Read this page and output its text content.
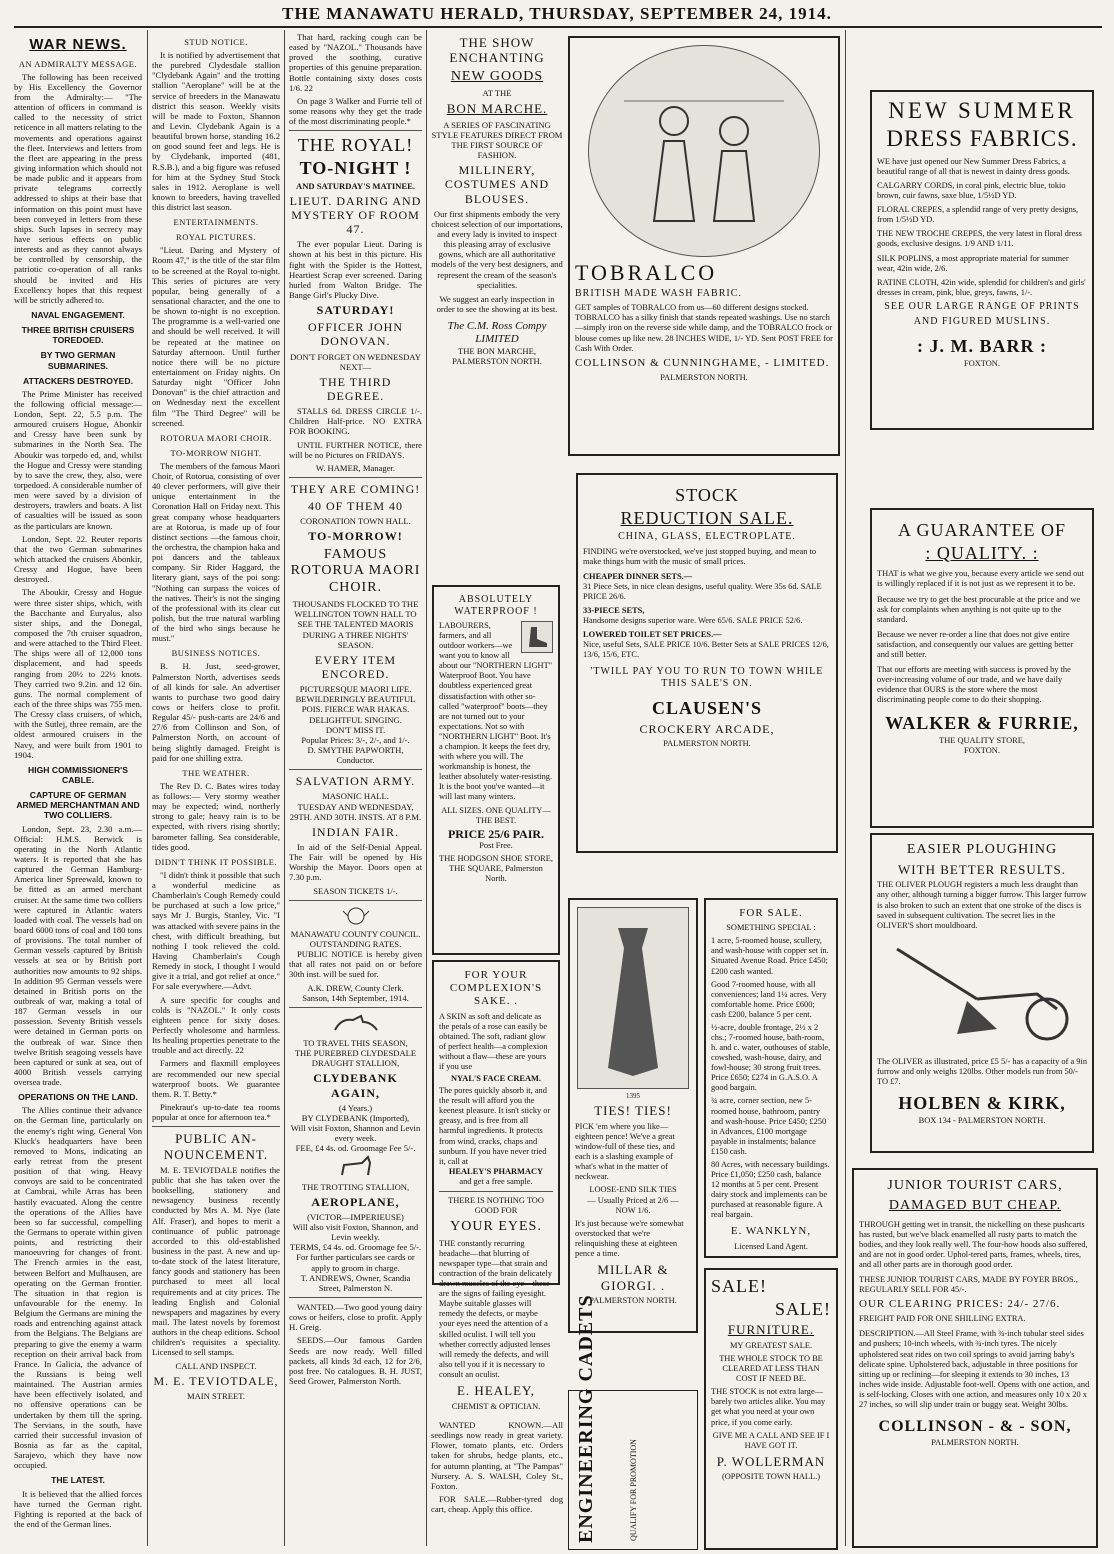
THE MANAWATU HERALD, THURSDAY, SEPTEMBER 24, 1914.
WAR NEWS.
AN ADMIRALTY MESSAGE.

The following has been received by His Excellency the Governor from the Admiralty:— "The attention of officers in command is called to the necessity of strict reticence in all matters relating to the movements and operations against the fleet. Interviews and letters from the fleet are appearing in the press giving information which should not be made public and it appears from private telegrams correctly addressed to ships at their base that information on this point must have been conveyed in letters from these ships. Such lapses in secrecy may have serious effects on public interests and as they cannot always be controlled by censorship, the patriotic co-operation of all ranks should be invited and His Excellency hopes that this request will be strictly adhered to.

NAVAL ENGAGEMENT.
THREE BRITISH CRUISERS TOREDOED.
BY TWO GERMAN SUBMARINES.
ATTACKERS DESTROYED.

The Prime Minister has received the following official message:— London, Sept. 22, 5.5 p.m. The armoured cruisers Hogue, Abonkir and Cressy have been sunk by submarines in the North Sea. The Aboukir was torpedo ed, and, whilst the Hogue and Cressy were standing by to save the crew, they, also, were torpedoed. A considerable number of men were saved by a division of destroyers, trawlers and boats. A list of casualties will be issued as soon as the particulars are known.

London, Sept. 22. Reuter reports that the two German submarines which attacked the cruisers Abonkir, Cressy and Hogue, have been destroyed.

The Aboukir, Cressy and Hogue were three sister ships, which, with the Bacchante and Euryalus, also sister ships, and the Donegal, composed the 7th cruiser squadron, and were attached to the Third Fleet. The ships were all of 12,000 tons displacement, and had speeds ranging from 20½ to 22½ knots. They carried two 9.2in. and 12 6in. guns. The normal complement of each of the three ships was 755 men. The Cressy class cruisers, of which, with the Sutlej, three remain, are the oldest armoured cruisers in the Navy, and were built from 1901 to 1904.

HIGH COMMISSIONER'S CABLE.
CAPTURE OF GERMAN ARMED MERCHANTMAN AND TWO COLLIERS.

London, Sept. 23, 2.30 a.m.— Official: H.M.S. Berwick is operating in the North Atlantic waters. It is reported that she has captured the German Hamburg-America liner Spreewald, known to be fitted as an armed merchant cruiser. At the same time two colliers were captured in Atlantic waters loaded with coal. The vessels had on board 6000 tons of coal and 180 tons of provisions. The total number of German vessels captured by British vessels at sea or by British port authorities now amounts to 92 ships. In addition 95 German vessels were detained in British ports on the outbreak of war, making a total of 187 German vessels in our possession. Seventy British vessels were detained in German ports on the outbreak of war. Since then twelve British seagoing vessels have been captured or sunk at sea, out of 4000 British vessels carrying oversea trade.

OPERATIONS ON THE LAND.

The Allies continue their advance on the German line, particularly on the enemy's right wing. General Von Kluck's headquarters have been removed to Mons, indicating an early retreat from the present position of that wing. Heavy convoys are said to be concentrated at Cambrai, while Arras has been hastily evacuated. Along the centre the operations of the Allies have been so far successful, compelling the Germans to operate within given points, and restricting their manoeuvring for changes of front. The French armies in the east, between Belfort and Mulhausen, are operating on the German frontier. The situation in that region is unfavourable for the enemy. In Belgium the Germans are mining the roads and entrenching against attack from the Belgians. The Belgians are preparing to give the enemy a warm reception on their arrival back from France. In Galicia, the advance of the Russians is being well maintained. The Austrian armies have been effectively isolated, and no offensive operations can be undertaken by them till the spring. The Servians, in the south, have carried their successful invasion of Bosnia as far as the capital, Sarajevo, which they have now occupied.

THE LATEST.

It is believed that the allied forces have turned the German right. Fighting is reported at the back of the end of the German lines.

STUD NOTICE.

It is notified by advertisement that the purebred Clydesdale stallion "Clydebank Again" and the trotting stallion "Aeroplane" will be at the service of breeders in the Manawatu district this season. Weekly visits will be made to Foxton, Shannon and Levin. Clydebank Again is a beautiful brown horse, standing 16.2 on good sound feet and legs. He is by Clydebank, imported (481, R.S.B.), and a big figure was refused for him at the Sydney Stud Stock sales in 1912. Aeroplane is well known to breeders, having travelled this district last season.

ENTERTAINMENTS.
ROYAL PICTURES.

"Lieut. Daring and Mystery of Room 47," is the title of the star film to be screened at the Royal to-night. This series of pictures are very popular, being generally of a sensational character, and the one to be shown to-night is no exception. The programme is a well-varied one and should be well received. It will be repeated at the matinee on Saturday afternoon. Until further notice there will be no picture entertainment on Friday nights. On Saturday night "Officer John Donovan" is the chief attraction and on Wednesday next the excellent film "The Third Degree" will be screened.

ROTORUA MAORI CHOIR.
TO-MORROW NIGHT.

The members of the famous Maori Choir, of Rotorua, consisting of over 40 clever performers, will give their unique entertainment in the Coronation Hall on Friday next. This great company whose headquarters are at Rotorua, is made up of four distinct sections —the famous choir, the orchestra, the champion haka and poi dancers and the tableaux company. Sir Rider Haggard, the literary giant, says of the poi song: "Nothing can surpass the voices of the natives. Their's is not the singing of the professional with its clear cut polish, but the true natural warbling of the bird who sings because he must."

BUSINESS NOTICES.

B. H. Just, seed-grower, Palmerston North, advertises seeds of all kinds for sale. An advertiser wants to purchase two good dairy cows or heifers close to profit. Regular 45/- push-carts are 24/6 and 27/6 from Collinson and Son, of Palmerston North, on account of being slightly damaged. Freight is paid for one shilling extra.

THE WEATHER.

The Rev D. C. Bates wires today as follows:— Very stormy weather may be expected; wind, northerly strong to gale; heavy rain is to be expected, with rivers rising shortly; barometer falling. Sea considerable, tides good.

DIDN'T THINK IT POSSIBLE.

"I didn't think it possible that such a wonderful medicine as Chamberlain's Cough Remedy could be purchased at such a low price," says Mr J. Burgis, Stanley, Vic. "I was attacked with severe pains in the chest, with difficult breathing, but nothing I took relieved the cold. Having Chamberlain's Cough Remedy in stock, I thought I would give it a trial, and got relief at once." For sale everywhere.—Advt.

A sure specific for coughs and colds is "NAZOL." It only costs eighteen pence for sixty doses. Perfectly wholesome and harmless. Its healing properties penetrate to the trouble and act directly. 22

Farmers and flaxmill employees are recommended our new special waterproof boots. We guarantee them. R. T. Betty.*

Pinekraut's up-to-date tea rooms popular at once for afternoon tea.*

PUBLIC AN- NOUNCEMENT.

M. E. TEVIOTDALE notifies the public that she has taken over the bookselling, stationery and newsagency business recently conducted by Mrs A. M. Nye (late Alf. Fraser), and hopes to merit a continuance of public patronage accorded to this old-established business in the past. A new and up-to-date stock of the latest literature, fancy goods and stationery has been purchased to meet all local requirements and at city prices. The leading English and Colonial newspapers and magazines by every mail. The latest novels by foremost authors in the cheap editions. School children's requisites a speciality. Licensed to sell stamps.

CALL AND INSPECT.
M. E. TEVIOTDALE,
MAIN STREET.

That hard, racking cough can be eased by "NAZOL." Thousands have proved the soothing, curative properties of this genuine preparation. Bottle containing sixty doses costs 1/6. 22

On page 3 Walker and Furrie tell of some reasons why they get the trade of the most discriminating people.*

THE ROYAL!
TO-NIGHT !
AND SATURDAY'S MATINEE.
LIEUT. DARING AND MYSTERY OF ROOM 47.

The ever popular Lieut. Daring is shown at his best in this picture. His fight with the Spider is the Hottest, Heartiest Scrap ever screened. Daring hurled from Walton Bridge. The Bange Girl's Plucky Dive.

SATURDAY!
OFFICER JOHN DONOVAN.
DON'T FORGET ON WEDNESDAY NEXT—
THE THIRD DEGREE.

STALLS 6d. DRESS CIRCLE 1/-. Children Half-price. NO EXTRA FOR BOOKING.

UNTIL FURTHER NOTICE, there will be no Pictures on FRIDAYS.

W. HAMER, Manager.
THEY ARE COMING!
40 OF THEM 40
CORONATION TOWN HALL.
TO-MORROW!
FAMOUS ROTORUA MAORI CHOIR.
THOUSANDS FLOCKED TO THE WELLINGTON TOWN HALL TO SEE THE TALENTED MAORIS DURING A THREE NIGHTS' SEASON.
EVERY ITEM ENCORED.
PICTURESQUE MAORI LIFE. BEWILDERINGLY BEAUTIFUL POIS. FIERCE WAR HAKAS. DELIGHTFUL SINGING.
DON'T MISS IT.
Popular Prices: 3/-, 2/-, and 1/-.
D. SMYTHE PAPWORTH, Conductor.
SALVATION ARMY.
MASONIC HALL.
TUESDAY AND WEDNESDAY, 29TH. AND 30TH. INSTS. AT 8 P.M.
INDIAN FAIR.

In aid of the Self-Denial Appeal. The Fair will be opened by His Worship the Mayor. Doors open at 7.30 p.m.

SEASON TICKETS 1/-.
MANAWATU COUNTY COUNCIL.
OUTSTANDING RATES.

PUBLIC NOTICE is hereby given that all rates not paid on or before 30th inst. will be sued for.

A.K. DREW, County Clerk.
Sanson, 14th September, 1914.
TO TRAVEL THIS SEASON,
THE PUREBRED CLYDESDALE DRAUGHT STALLION,
CLYDEBANK AGAIN,
(4 Years.)
BY CLYDEBANK (Imported),
Will visit Foxton, Shannon and Levin every week.
FEE, £4 4s. od. Groomage Fee 5/-.
THE TROTTING STALLION,
AEROPLANE,
(VICTOR—IMPERIEUSE)
Will also visit Foxton, Shannon, and Levin weekly.
TERMS, £4 4s. od. Groomage fee 5/-.
For further particulars see cards or apply to groom in charge.
T. ANDREWS, Owner, Scandia Street, Palmerston N.

WANTED.—Two good young dairy cows or heifers, close to profit. Apply H. Greig.

SEEDS.—Our famous Garden Seeds are now ready. Well filled packets, all kinds 3d each, 12 for 2/6, post free. No catalogues. B. H. JUST, Seed Grower, Palmerston North.

THE SHOW ENCHANTING
NEW GOODS
AT THE
BON MARCHE.
A SERIES OF FASCINATING STYLE FEATURES DIRECT FROM THE FIRST SOURCE OF FASHION.
MILLINERY, COSTUMES AND BLOUSES.
Our first shipments embody the very choicest selection of our importations, and every lady is invited to inspect this pleasing array of exclusive gowns, which are all authoritative models of the very best designers, and represent the cream of the season's specialities.
We suggest an early inspection in order to see the showing at its best.
The C.M. Ross Compy LIMITED
THE BON MARCHE, PALMERSTON NORTH.
ABSOLUTELY WATERPROOF !
LABOURERS, farmers, and all outdoor workers—we want you to know all about our "NORTHERN LIGHT" Waterproof Boot. You have doubtless experienced great dissatisfaction with other so-called "waterproof" boots—they are not turned out to your expectations. Not so with "NORTHERN LIGHT" Boot. It's a champion. It keeps the feet dry, with where you will. The workmanship is honest, the leather absolutely water-resisting. It is the boot you've wanted—it will last many winters.
ALL SIZES. ONE QUALITY—THE BEST.
PRICE 25/6 PAIR.
Post Free.
THE HODGSON SHOE STORE, THE SQUARE, Palmerston North.
FOR YOUR COMPLEXION'S SAKE. .
A SKIN as soft and delicate as the petals of a rose can easily be obtained. The soft, radiant glow of perfect health—a complexion without a flaw—these are yours if you use
NYAL'S FACE CREAM.
The pores quickly absorb it, and the result will afford you the keenest pleasure. It isn't sticky or greasy, and is free from all harmful ingredients. It protects from wind, cracks, chaps and sunburn. If you have never tried it, call at
HEALEY'S PHARMACY
and get a free sample.
THERE IS NOTHING TOO GOOD FOR
YOUR EYES.
THE constantly recurring headache—that blurring of newspaper type—that strain and contraction of the brain delicately drawn muscles of the eye—these are the signs of failing eyesight. Maybe suitable glasses will remedy the defects, or maybe your eyes need the attention of a skilled oculist. I will tell you whether correctly adjusted lenses will remedy the defects, and will also tell you if it is necessary to consult an oculist.
E. HEALEY,
CHEMIST & OPTICIAN.

WANTED KNOWN.—All seedlings now ready in great variety. Flower, tomato plants, etc. Orders taken for shrubs, hedge plants, etc., for autumn planting, at "The Pampas" Nursery. A. S. WALSH, Coley St., Foxton.

FOR SALE.—Rubber-tyred dog cart, cheap. Apply this office.

TOBRALCO
BRITISH MADE WASH FABRIC.
GET samples of TOBRALCO from us—60 different designs stocked. TOBRALCO has a silky finish that stands repeated washings. Use no starch—simply iron on the reverse side while damp, and the TOBRALCO frock or blouse comes up like new. 28 INCHES WIDE, 1/- YD. Sent POST FREE for Cash With Order.
COLLINSON & CUNNINGHAME, - LIMITED.
PALMERSTON NORTH.
STOCK
REDUCTION SALE.
CHINA, GLASS, ELECTROPLATE.
FINDING we're overstocked, we've just stopped buying, and mean to make things hum with the music of small prices.
CHEAPER DINNER SETS.—
31 Piece Sets, in nice clean designs, useful quality. Were 35s 6d. SALE PRICE 26/6.
33-PIECE SETS,
Handsome designs superior ware. Were 65/6. SALE PRICE 52/6.
LOWERED TOILET SET PRICES.—
Nice, useful Sets, SALE PRICE 10/6. Better Sets at SALE PRICES 12/6, 13/6, 15/6, ETC.
'TWILL PAY YOU TO RUN TO TOWN WHILE THIS SALE'S ON.
CLAUSEN'S
CROCKERY ARCADE,
PALMERSTON NORTH.
1395
TIES! TIES!
PICK 'em where you like—eighteen pence! We've a great window-full of these ties, and each is a slashing example of what's what in the matter of neckwear.
LOOSE-END SILK TIES
— Usually Priced at 2/6 —
NOW 1/6.
It's just because we're somewhat overstocked that we're relinquishing these at eighteen pence a time.
MILLAR & GIORGI. .
PALMERSTON NORTH.
ENGINEERING CADETS	QUALIFY FOR PROMOTION
FOR SALE.
SOMETHING SPECIAL :
1 acre, 5-roomed house, scullery, and wash-house with copper set in. Situated Avenue Road. Price £450; £200 cash wanted.
Good 7-roomed house, with all conveniences; land 1¼ acres. Very comfortable home. Price £600; cash £200, balance 5 per cent.
½-acre, double frontage, 2½ x 2 chs.; 7-roomed house, bath-room, h. and c. water, outhouses of stable, cowshed, wash-house, dairy, and fowl-house; 30 strong fruit trees. Price £650; £274 in G.A.S.O. A good bargain.
¾ acre, corner section, new 5-roomed house, bathroom, pantry and wash-house. Price £450; £250 in Advances, £100 mortgage payable in instalments; balance £150 cash.
80 Acres, with necessary buildings. Price £1,050; £250 cash, balance 12 months at 5 per cent. Present dairy stock and implements can be purchased at reasonable figure. A real bargain.
E. WANKLYN,
Licensed Land Agent.
SALE!
SALE!
FURNITURE.
MY GREATEST SALE.
THE WHOLE STOCK TO BE CLEARED AT LESS THAN COST IF NEED BE.
THE STOCK is not extra large—barely two articles alike. You may get what you need at your own price, if you come early.
GIVE ME A CALL AND SEE IF I HAVE GOT IT.
P. WOLLERMAN
(OPPOSITE TOWN HALL.)
NEW SUMMER
DRESS FABRICS.
WE have just opened our New Summer Dress Fabrics, a beautiful range of all that is newest in dainty dress goods.
CALGARRY CORDS, in coral pink, electric blue, tokio brown, cuir fawns, saxe blue, 1/5½D YD.
FLORAL CREPES, a splendid range of very pretty designs, from 1/5½D YD.
THE NEW TROCHE CREPES, the very latest in floral dress goods, exclusive designs. 1/9 AND 1/11.
SILK POPLINS, a most appropriate material for summer wear, 42in wide, 2/6.
RATINE CLOTH, 42in wide, splendid for children's and girls' dresses in cream, pink, blue, greys, fawns, 1/-.
SEE OUR LARGE RANGE OF PRINTS
AND FIGURED MUSLINS.
: J. M. BARR :
FOXTON.
A GUARANTEE OF
: QUALITY. :
THAT is what we give you, because every article we send out is willingly replaced if it is not just as we represent it to be.
Because we try to get the best procurable at the price and we ask for complaints when anything is not quite up to the standard.
Because we never re-order a line that does not give entire satisfaction, and consequently our values are getting better and still better.
That our efforts are meeting with success is proved by the over-increasing volume of our trade, and we have daily evidence that OURS is the store where the most discriminating people come to do their shopping.
WALKER & FURRIE,
THE QUALITY STORE,
FOXTON.
EASIER PLOUGHING
WITH BETTER RESULTS.
THE OLIVER PLOUGH registers a much less draught than any other, although turning a bigger furrow. This larger furrow is also broken to such an extent that one stroke of the discs is saved in subsequent cultivation. The secret lies in the OLIVER'S short mouldboard.
The OLIVER as illustrated, price £5 5/- has a capacity of a 9in furrow and only weighs 120lbs. Other models run from 50/- TO £7.
HOLBEN & KIRK,
BOX 134 - PALMERSTON NORTH.
JUNIOR TOURIST CARS,
DAMAGED BUT CHEAP.
THROUGH getting wet in transit, the nickelling on these pushcarts has rusted, but we've black enamelled all rusty parts to match the bodies, and they look really well. The four-how hoods also suffered, and are not in good order. Uphol-tered parts, frames, wheels, tires, and all other parts are in thorough good order.
THESE JUNIOR TOURIST CARS, MADE BY FOYER BROS., REGULARLY SELL FOR 45/-.
OUR CLEARING PRICES: 24/- 27/6.
FREIGHT PAID FOR ONE SHILLING EXTRA.
DESCRIPTION.—All Steel Frame, with ¾-inch tubular steel sides and pushers; 10-inch wheels, with ¾-inch tyres. The nicely upholstered seat rides on two coil springs to avoid jarring baby's delicate spine. Upholstered back, adjustable in three positions for sitting up or reclining—for sleeping it extends to 30 inches, 13 inches wide inside. Adjustable foot-well. Opens with one action, and is self-locking. Closes with one action, and measures only 10 x 20 x 27 inches, so will slip under train or buggy seat. Weight 30lbs.
COLLINSON - & - SON,
PALMERSTON NORTH.
